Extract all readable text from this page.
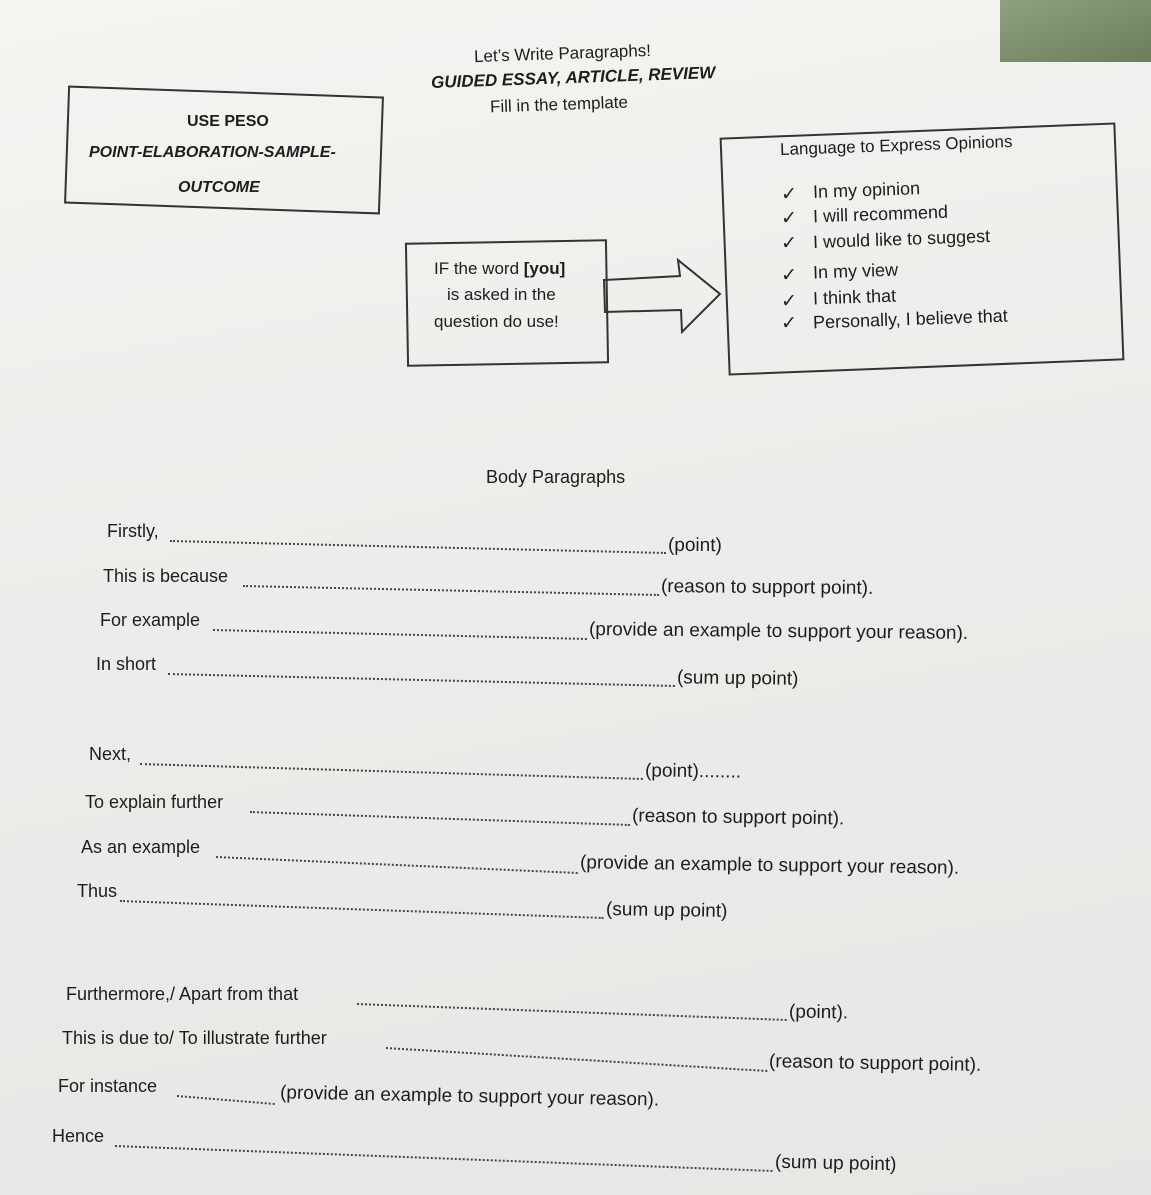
Let’s Write Paragraphs!
GUIDED ESSAY, ARTICLE, REVIEW
Fill in the template
USE PESO
POINT-ELABORATION-SAMPLE-
OUTCOME
IF the word [you]
is asked in the
question do use!
Language to Express Opinions
✓ In my opinion
✓ I will recommend
✓ I would like to suggest
✓ In my view
✓ I think that
✓ Personally, I believe that
Body Paragraphs
Firstly,
(point)
This is because
(reason to support point).
For example	(provide an example to support your reason).
In short
(sum up point)
Next,
(point)........
To explain further
(reason to support point).
As an example
(provide an example to support your reason).
Thus
(sum up point)
Furthermore,/ Apart from that
(point).
This is due to/ To illustrate further
(reason to support point).
For instance	(provide an example to support your reason).
Hence
(sum up point)
